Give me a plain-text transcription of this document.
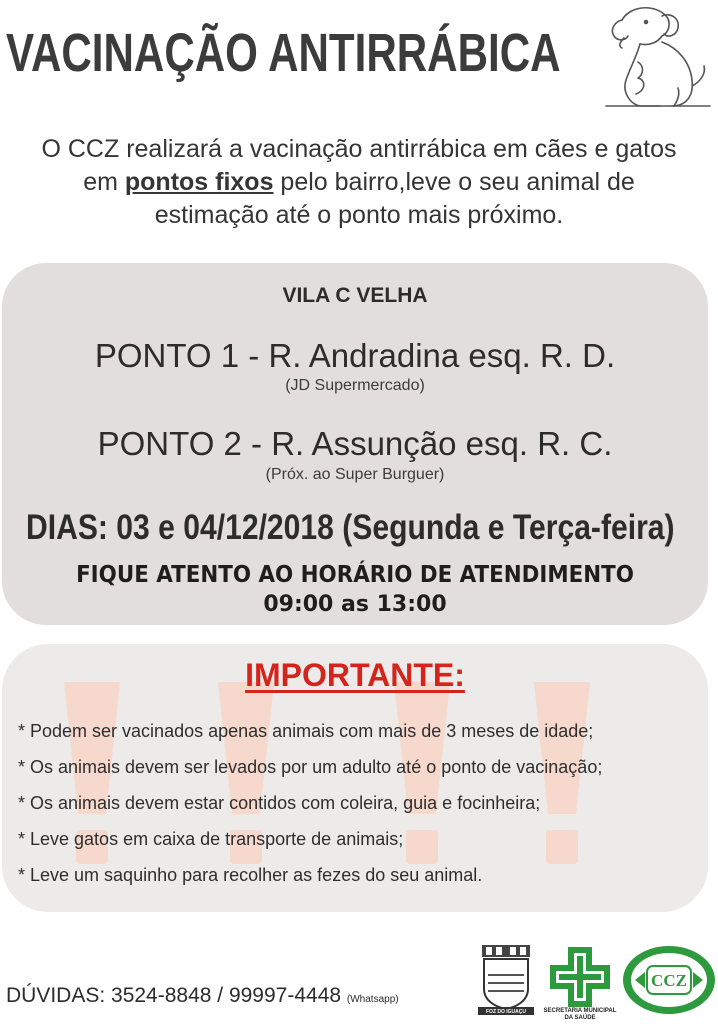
VACINAÇÃO ANTIRRÁBICA
O CCZ realizará a vacinação antirrábica em cães e gatos
em pontos fixos pelo bairro,leve o seu animal de
estimação até o ponto mais próximo.
VILA C VELHA
PONTO 1 - R. Andradina esq. R. D.
(JD Supermercado)
PONTO 2 - R. Assunção esq. R. C.
(Próx. ao Super Burguer)
DIAS: 03 e 04/12/2018 (Segunda e Terça-feira)
FIQUE ATENTO AO HORÁRIO DE ATENDIMENTO
09:00 as 13:00
IMPORTANTE:
* Podem ser vacinados apenas animais com mais de 3 meses de idade;
* Os animais devem ser levados por um adulto até o ponto de vacinação;
* Os animais devem estar contidos com coleira, guia e focinheira;
* Leve gatos em caixa de transporte de animais;
* Leve um saquinho para recolher as fezes do seu animal.
DÚVIDAS: 3524-8848 / 99997-4448 (Whatsapp)
FOZ DO IGUAÇU	SECRETARIA MUNICIPAL DA SAÚDE
CCZ
